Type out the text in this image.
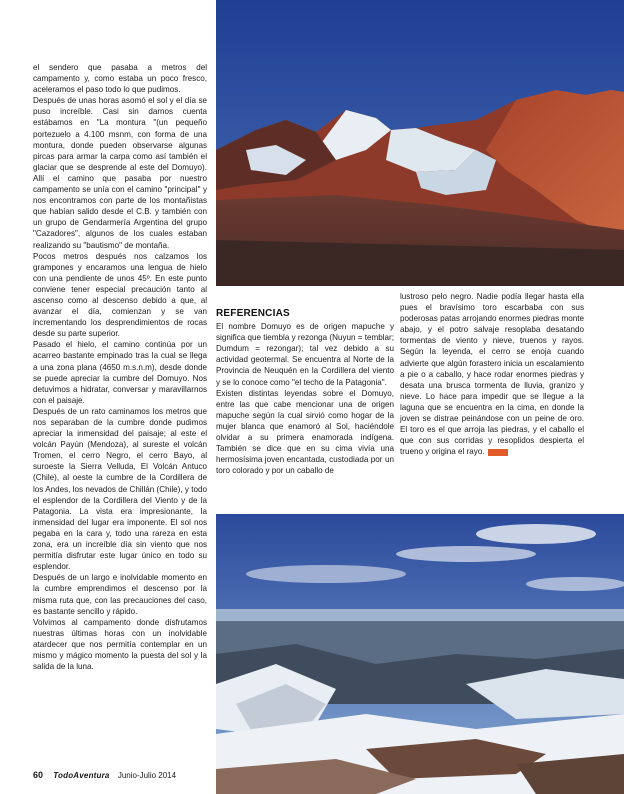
el sendero que pasaba a metros del campamento y, como estaba un poco fresco, aceleramos el paso todo lo que pudimos.

Después de unas horas asomó el sol y el día se puso increíble. Casi sin darnos cuenta estábamos en "La montura "(un pequeño portezuelo a 4.100 msnm, con forma de una montura, donde pueden observarse algunas pircas para armar la carpa como así también el glaciar que se desprende al este del Domuyo). Allí el camino que pasaba por nuestro campamento se unía con el camino "principal" y nos encontramos con parte de los montañistas que habían salido desde el C.B. y también con un grupo de Gendarmería Argentina del grupo "Cazadores", algunos de los cuales estaban realizando su "bautismo" de montaña.

Pocos metros después nos calzamos los grampones y encaramos una lengua de hielo con una pendiente de unos 45º. En este punto conviene tener especial precaución tanto al ascenso como al descenso debido a que, al avanzar el día, comienzan y se van incrementando los desprendimientos de rocas desde su parte superior.

Pasado el hielo, el camino continúa por un acarreo bastante empinado tras la cual se llega a una zona plana (4650 m.s.n.m), desde donde se puede apreciar la cumbre del Domuyo. Nos detuvimos a hidratar, conversar y maravillarnos con el paisaje.

Después de un rato caminamos los metros que nos separaban de la cumbre donde pudimos apreciar la inmensidad del paisaje; al este el volcán Payún (Mendoza), al sureste el volcán Tromen, el cerro Negro, el cerro Bayo, al suroeste la Sierra Velluda, El Volcán Antuco (Chile), al oeste la cumbre de la Cordillera de los Andes, los nevados de Chillán (Chile), y todo el esplendor de la Cordillera del Viento y de la Patagonia. La vista era impresionante, la inmensidad del lugar era imponente. El sol nos pegaba en la cara y, todo una rareza en esta zona, era un increíble día sin viento que nos permitía disfrutar este lugar único en todo su esplendor.

Después de un largo e inolvidable momento en la cumbre emprendimos el descenso por la misma ruta que, con las precauciones del caso, es bastante sencillo y rápido.

Volvimos al campamento donde disfrutamos nuestras últimas horas con un inolvidable atardecer que nos permitía contemplar en un mismo y mágico momento la puesta del sol y la salida de la luna.

REFERENCIAS

El nombre Domuyo es de origen mapuche y significa que tiembla y rezonga (Nuyun = temblar; Dumdum = rezongar); tal vez debido a su actividad geotermal. Se encuentra al Norte de la Provincia de Neuquén en la Cordillera del viento y se lo conoce como "el techo de la Patagonia".

Existen distintas leyendas sobre el Domuyo, entre las que cabe mencionar una de origen mapuche según la cual sirvió como hogar de la mujer blanca que enamoró al Sol, haciéndole olvidar a su primera enamorada indígena. También se dice que en su cima vivía una hermosísima joven encantada, custodiada por un toro colorado y por un caballo de

lustroso pelo negro. Nadie podía llegar hasta ella pues el bravísimo toro escarbaba con sus poderosas patas arrojando enormes piedras monte abajo, y el potro salvaje resoplaba desatando tormentas de viento y nieve, truenos y rayos. Según la leyenda, el cerro se enoja cuando advierte que algún forastero inicia un escalamiento a pie o a caballo, y hace rodar enormes piedras y desata una brusca tormenta de lluvia, granizo y nieve. Lo hace para impedir que se llegue a la laguna que se encuentra en la cima, en donde la joven se distrae peinándose con un peine de oro. El toro es el que arroja las piedras, y el caballo el que con sus corridas y resoplidos despierta el trueno y origina el rayo.

60 TodoAventura Junio-Julio 2014
